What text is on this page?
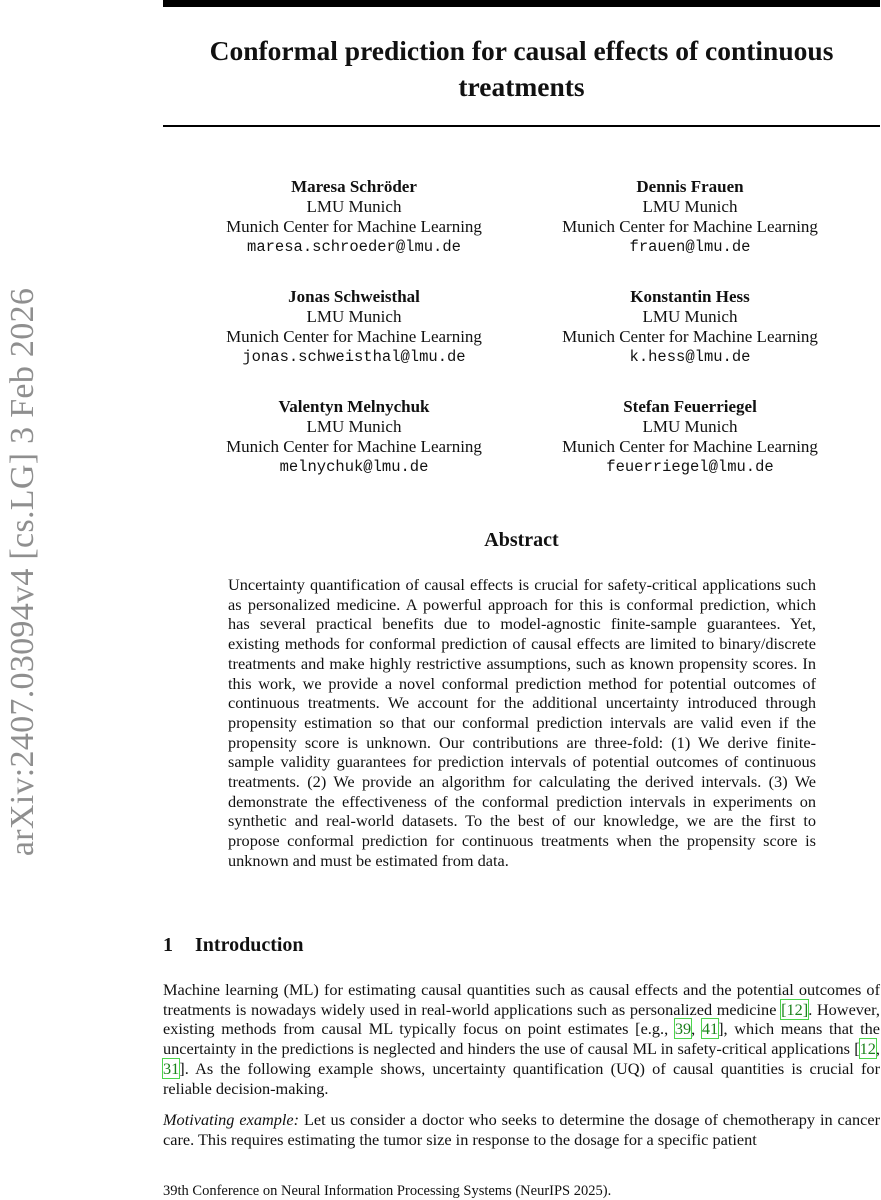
arXiv:2407.03094v4 [cs.LG] 3 Feb 2026
Conformal prediction for causal effects of continuous treatments
Maresa Schröder
LMU Munich
Munich Center for Machine Learning
maresa.schroeder@lmu.de
Dennis Frauen
LMU Munich
Munich Center for Machine Learning
frauen@lmu.de
Jonas Schweisthal
LMU Munich
Munich Center for Machine Learning
jonas.schweisthal@lmu.de
Konstantin Hess
LMU Munich
Munich Center for Machine Learning
k.hess@lmu.de
Valentyn Melnychuk
LMU Munich
Munich Center for Machine Learning
melnychuk@lmu.de
Stefan Feuerriegel
LMU Munich
Munich Center for Machine Learning
feuerriegel@lmu.de
Abstract

Uncertainty quantification of causal effects is crucial for safety-critical applications such as personalized medicine. A powerful approach for this is conformal prediction, which has several practical benefits due to model-agnostic finite-sample guarantees. Yet, existing methods for conformal prediction of causal effects are limited to binary/discrete treatments and make highly restrictive assumptions, such as known propensity scores. In this work, we provide a novel conformal prediction method for potential outcomes of continuous treatments. We account for the additional uncertainty introduced through propensity estimation so that our conformal prediction intervals are valid even if the propensity score is unknown. Our contributions are three-fold: (1) We derive finite-sample validity guarantees for prediction intervals of potential outcomes of continuous treatments. (2) We provide an algorithm for calculating the derived intervals. (3) We demonstrate the effectiveness of the conformal prediction intervals in experiments on synthetic and real-world datasets. To the best of our knowledge, we are the first to propose conformal prediction for continuous treatments when the propensity score is unknown and must be estimated from data.

1 Introduction

Machine learning (ML) for estimating causal quantities such as causal effects and the potential outcomes of treatments is nowadays widely used in real-world applications such as personalized medicine [12]. However, existing methods from causal ML typically focus on point estimates [e.g., 39, 41], which means that the uncertainty in the predictions is neglected and hinders the use of causal ML in safety-critical applications [12, 31]. As the following example shows, uncertainty quantification (UQ) of causal quantities is crucial for reliable decision-making.

Motivating example: Let us consider a doctor who seeks to determine the dosage of chemotherapy in cancer care. This requires estimating the tumor size in response to the dosage for a specific patient

39th Conference on Neural Information Processing Systems (NeurIPS 2025).
